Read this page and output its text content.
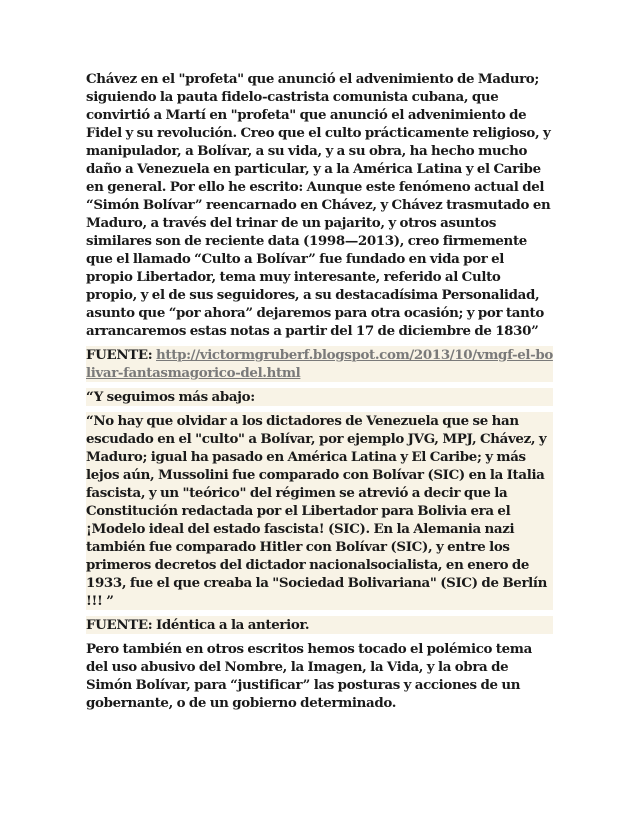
Chávez en el "profeta" que anunció el advenimiento de Maduro; siguiendo la pauta fidelo-castrista comunista cubana, que convirtió a Martí en "profeta" que anunció el advenimiento de Fidel y su revolución. Creo que el culto prácticamente religioso, y manipulador, a Bolívar, a su vida, y a su obra, ha hecho mucho daño a Venezuela en particular, y a la América Latina y el Caribe en general. Por ello he escrito: Aunque este fenómeno actual del “Simón Bolívar” reencarnado en Chávez, y Chávez trasmutado en Maduro, a través del trinar de un pajarito, y otros asuntos similares son de reciente data (1998—2013), creo firmemente que el llamado “Culto a Bolívar” fue fundado en vida por el propio Libertador, tema muy interesante, referido al Culto propio, y el de sus seguidores, a su destacadísima Personalidad, asunto que “por ahora” dejaremos para otra ocasión; y por tanto arrancaremos estas notas a partir del 17 de diciembre de 1830”

FUENTE: http://victormgruberf.blogspot.com/2013/10/vmgf-el-bolivar-fantasmagorico-del.html

“Y seguimos más abajo:

“No hay que olvidar a los dictadores de Venezuela que se han escudado en el "culto" a Bolívar, por ejemplo JVG, MPJ, Chávez, y Maduro; igual ha pasado en América Latina y El Caribe; y más lejos aún, Mussolini fue comparado con Bolívar (SIC) en la Italia fascista, y un "teórico" del régimen se atrevió a decir que la Constitución redactada por el Libertador para Bolivia era el ¡Modelo ideal del estado fascista! (SIC). En la Alemania nazi también fue comparado Hitler con Bolívar (SIC), y entre los primeros decretos del dictador nacionalsocialista, en enero de 1933, fue el que creaba la "Sociedad Bolivariana" (SIC) de Berlín !!! ”

FUENTE: Idéntica a la anterior.

Pero también en otros escritos hemos tocado el polémico tema del uso abusivo del Nombre, la Imagen, la Vida, y la obra de Simón Bolívar, para “justificar” las posturas y acciones de un gobernante, o de un gobierno determinado.
